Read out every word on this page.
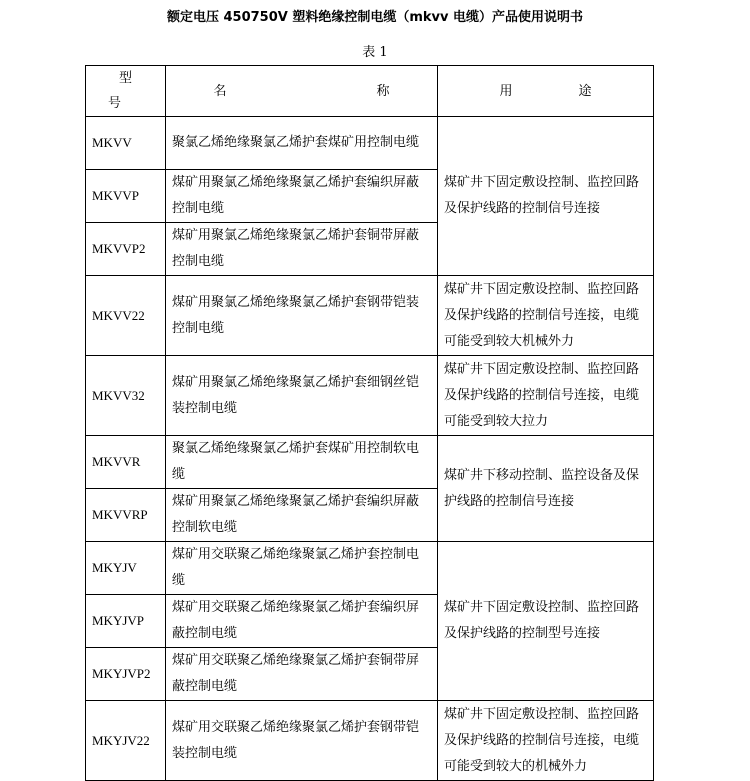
额定电压 450750V 塑料绝缘控制电缆（mkvv 电缆）产品使用说明书
表 1
型号	名 称	用 途
MKVV	聚氯乙烯绝缘聚氯乙烯护套煤矿用控制电缆	煤矿井下固定敷设控制、监控回路及保护线路的控制信号连接
MKVVP	煤矿用聚氯乙烯绝缘聚氯乙烯护套编织屏蔽控制电缆	
MKVVP2	煤矿用聚氯乙烯绝缘聚氯乙烯护套铜带屏蔽控制电缆	
MKVV22	煤矿用聚氯乙烯绝缘聚氯乙烯护套钢带铠装控制电缆	煤矿井下固定敷设控制、监控回路及保护线路的控制信号连接，电缆可能受到较大机械外力
MKVV32	煤矿用聚氯乙烯绝缘聚氯乙烯护套细钢丝铠装控制电缆	煤矿井下固定敷设控制、监控回路及保护线路的控制信号连接，电缆可能受到较大拉力
MKVVR	聚氯乙烯绝缘聚氯乙烯护套煤矿用控制软电缆	煤矿井下移动控制、监控设备及保护线路的控制信号连接
MKVVRP	煤矿用聚氯乙烯绝缘聚氯乙烯护套编织屏蔽控制软电缆	
MKYJV	煤矿用交联聚乙烯绝缘聚氯乙烯护套控制电缆	煤矿井下固定敷设控制、监控回路及保护线路的控制型号连接
MKYJVP	煤矿用交联聚乙烯绝缘聚氯乙烯护套编织屏蔽控制电缆	
MKYJVP2	煤矿用交联聚乙烯绝缘聚氯乙烯护套铜带屏蔽控制电缆	
MKYJV22	煤矿用交联聚乙烯绝缘聚氯乙烯护套钢带铠装控制电缆	煤矿井下固定敷设控制、监控回路及保护线路的控制信号连接，电缆可能受到较大的机械外力
